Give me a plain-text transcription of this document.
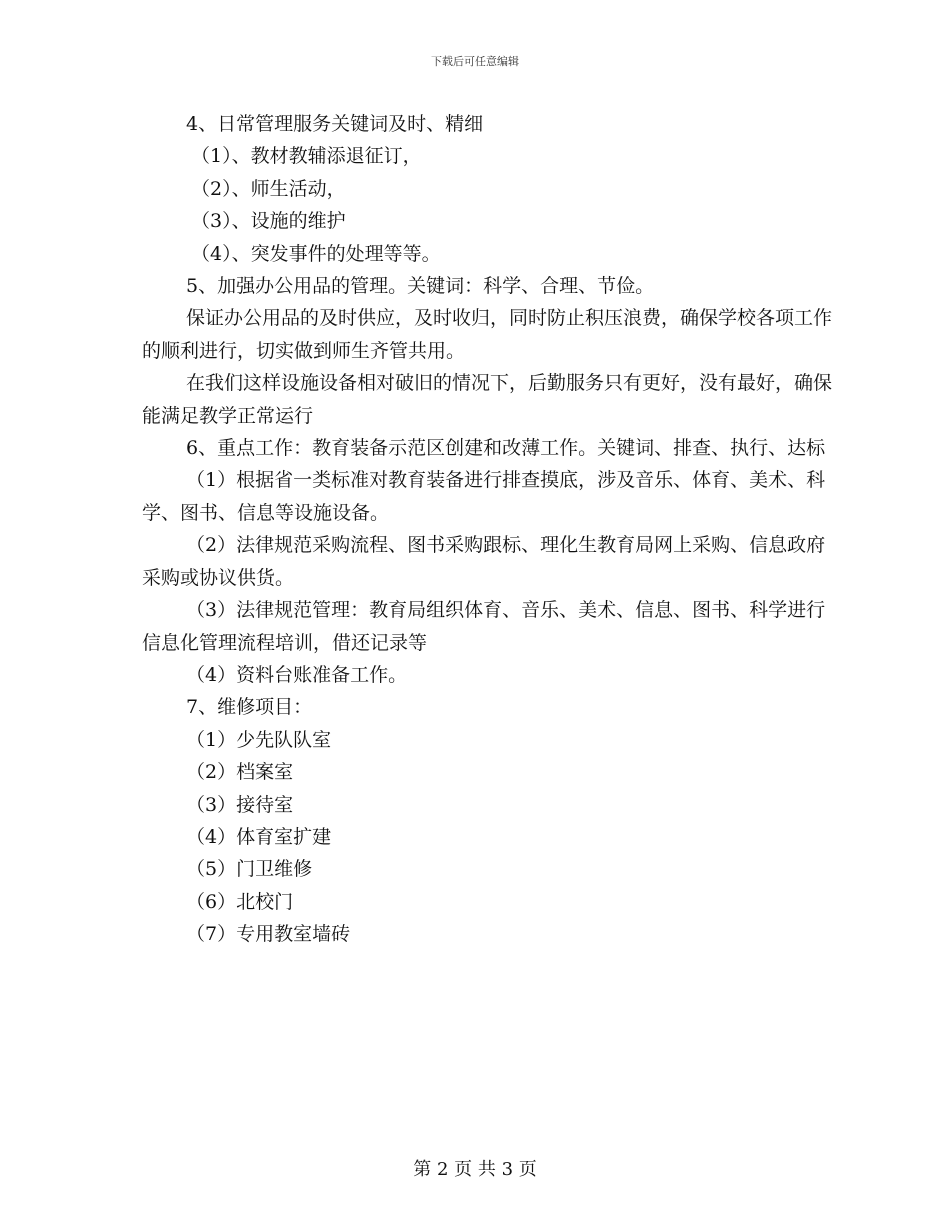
下载后可任意编辑

4、日常管理服务关键词及时、精细

（1）、教材教辅添退征订，

（2）、师生活动，

（3）、设施的维护

（4）、突发事件的处理等等。

5、加强办公用品的管理。关键词：科学、合理、节俭。

保证办公用品的及时供应，及时收归，同时防止积压浪费，确保学校各项工作的顺利进行，切实做到师生齐管共用。

在我们这样设施设备相对破旧的情况下，后勤服务只有更好，没有最好，确保能满足教学正常运行

6、重点工作：教育装备示范区创建和改薄工作。关键词、排查、执行、达标

（1）根据省一类标准对教育装备进行排查摸底，涉及音乐、体育、美术、科学、图书、信息等设施设备。

（2）法律规范采购流程、图书采购跟标、理化生教育局网上采购、信息政府采购或协议供货。

（3）法律规范管理：教育局组织体育、音乐、美术、信息、图书、科学进行信息化管理流程培训，借还记录等

（4）资料台账准备工作。

7、维修项目：

（1）少先队队室

（2）档案室

（3）接待室

（4）体育室扩建

（5）门卫维修

（6）北校门

（7）专用教室墙砖

第 2 页 共 3 页
